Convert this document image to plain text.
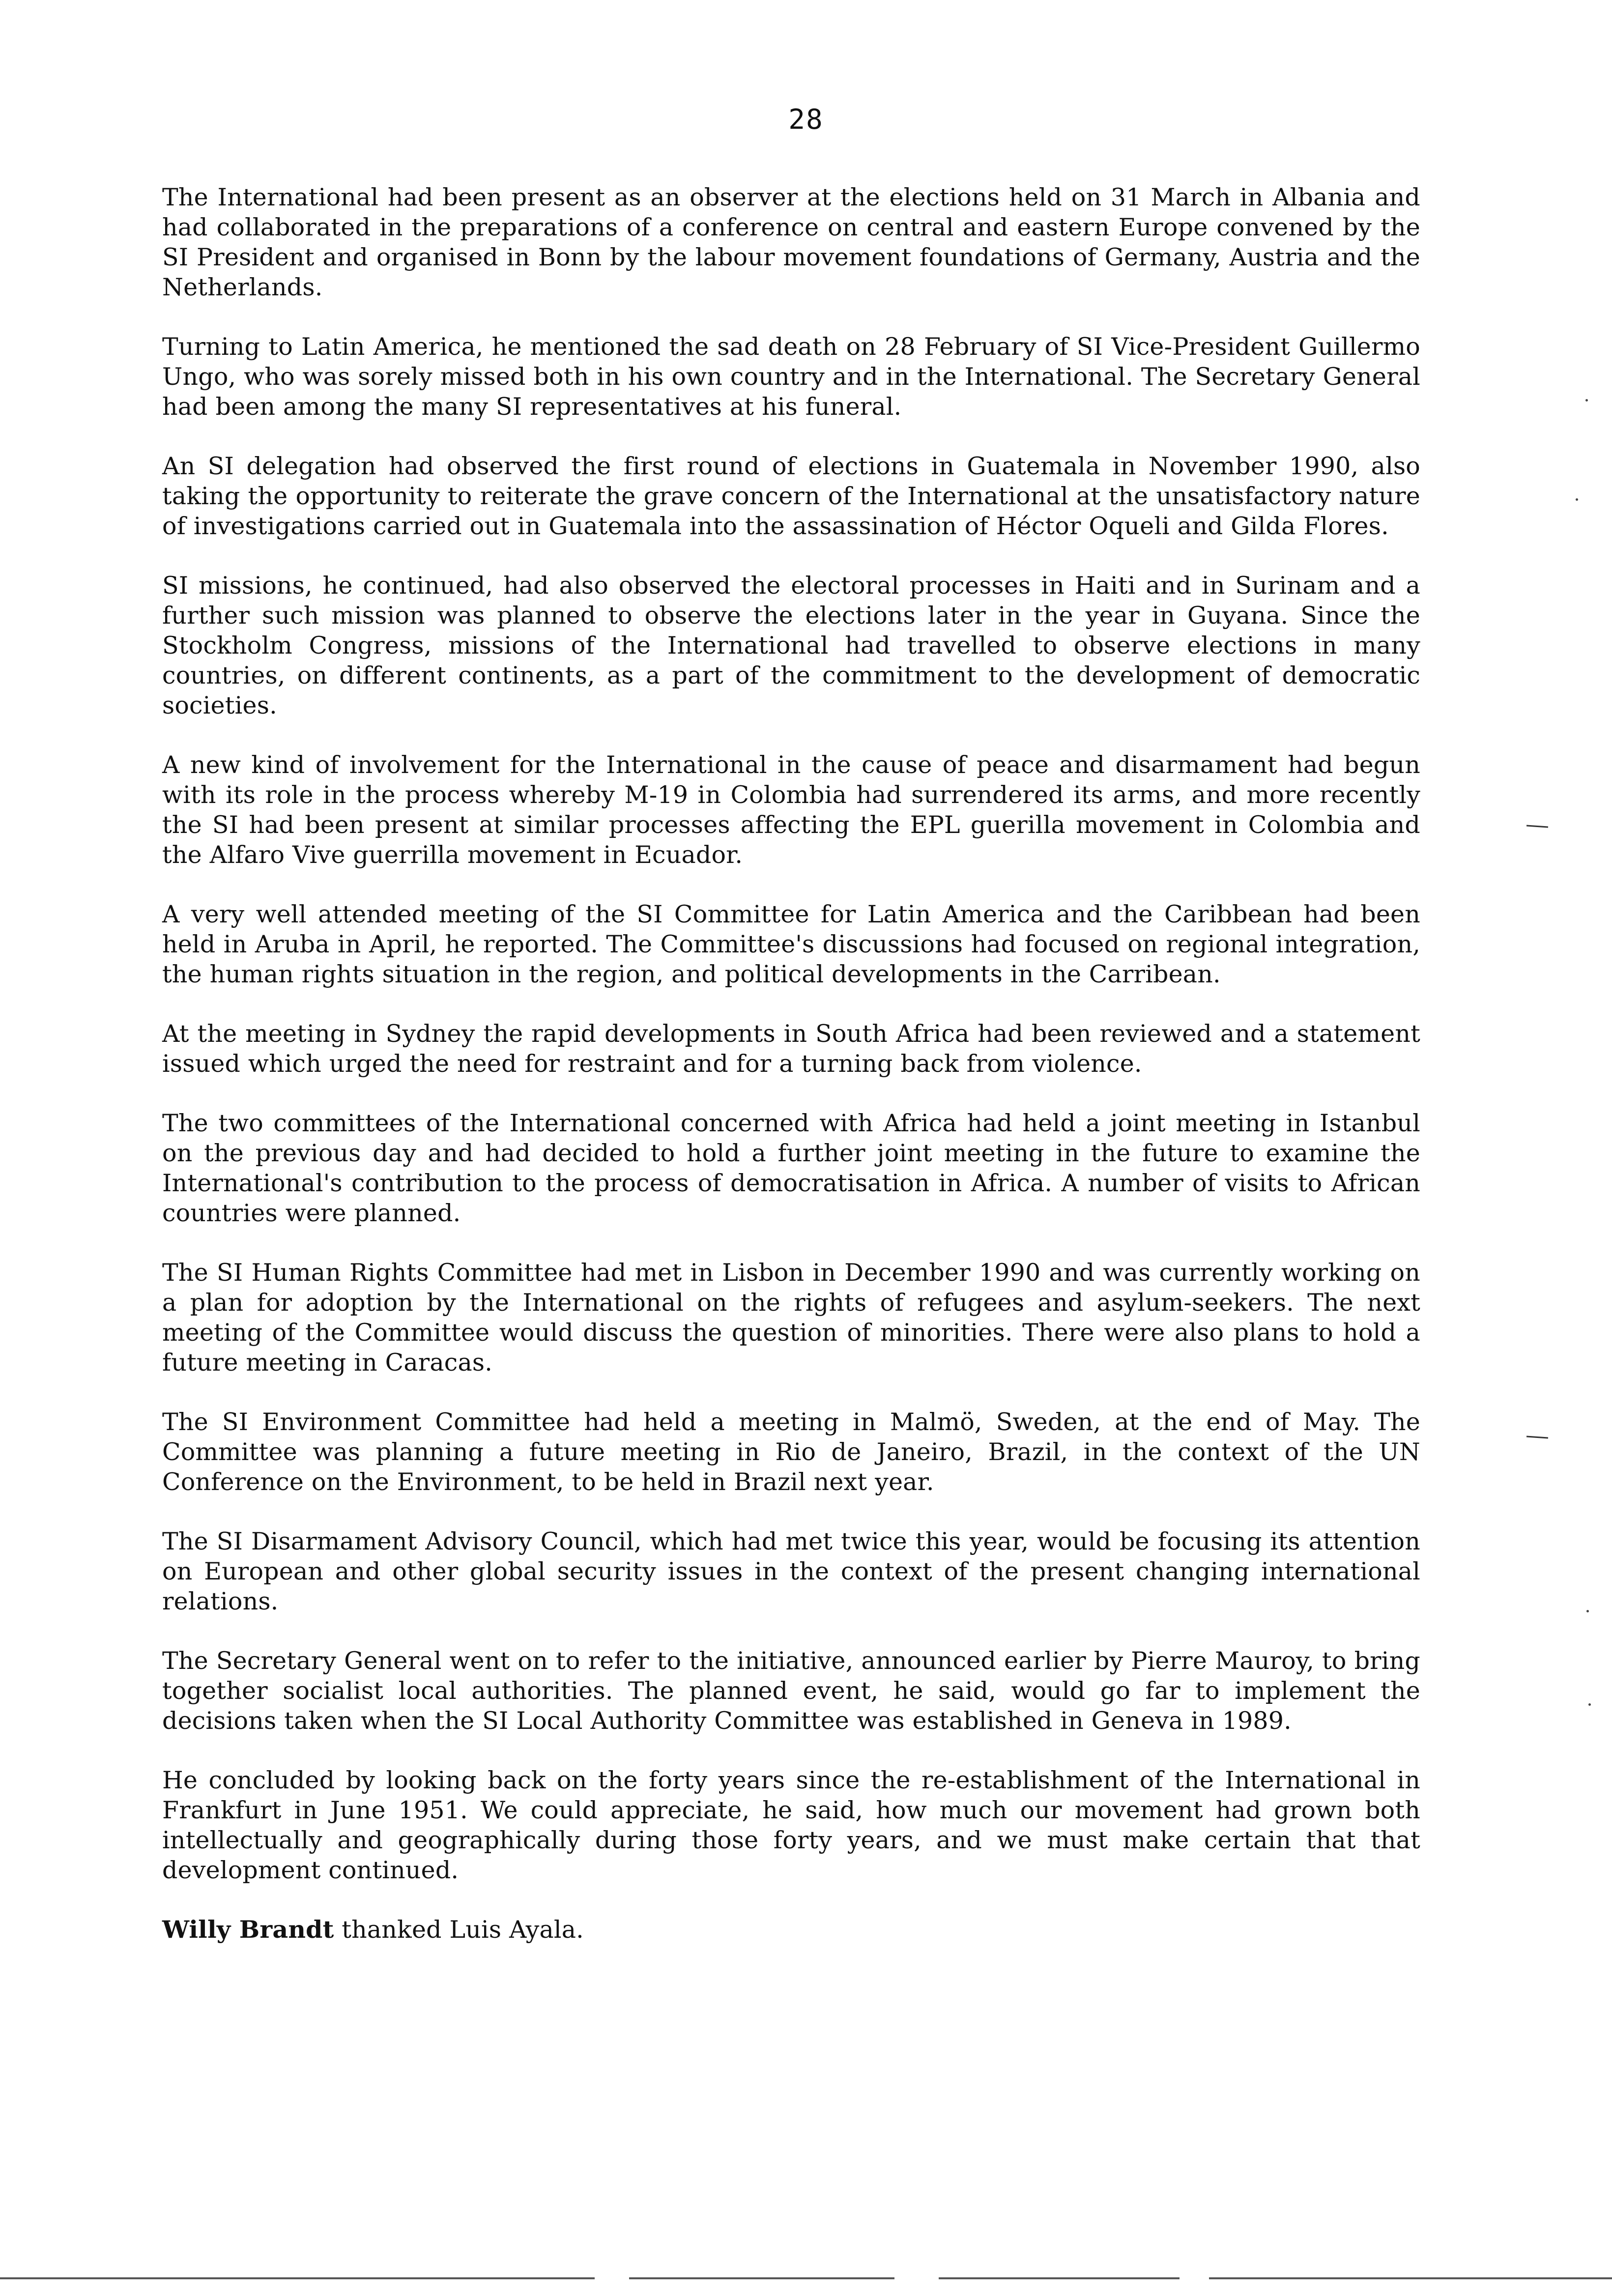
28

The International had been present as an observer at the elections held on 31 March in Albania and had collaborated in the preparations of a conference on central and eastern Europe convened by the SI President and organised in Bonn by the labour movement foundations of Germany, Austria and the Netherlands.

Turning to Latin America, he mentioned the sad death on 28 February of SI Vice-President Guillermo Ungo, who was sorely missed both in his own country and in the International. The Secretary General had been among the many SI representatives at his funeral.

An SI delegation had observed the first round of elections in Guatemala in November 1990, also taking the opportunity to reiterate the grave concern of the International at the unsatisfactory nature of investigations carried out in Guatemala into the assassination of Héctor Oqueli and Gilda Flores.

SI missions, he continued, had also observed the electoral processes in Haiti and in Surinam and a further such mission was planned to observe the elections later in the year in Guyana. Since the Stockholm Congress, missions of the International had travelled to observe elections in many countries, on different continents, as a part of the commitment to the development of democratic societies.

A new kind of involvement for the International in the cause of peace and disarmament had begun with its role in the process whereby M-19 in Colombia had surrendered its arms, and more recently the SI had been present at similar processes affecting the EPL guerilla movement in Colombia and the Alfaro Vive guerrilla movement in Ecuador.

A very well attended meeting of the SI Committee for Latin America and the Caribbean had been held in Aruba in April, he reported. The Committee's discussions had focused on regional integration, the human rights situation in the region, and political developments in the Carribean.

At the meeting in Sydney the rapid developments in South Africa had been reviewed and a statement issued which urged the need for restraint and for a turning back from violence.

The two committees of the International concerned with Africa had held a joint meeting in Istanbul on the previous day and had decided to hold a further joint meeting in the future to examine the International's contribution to the process of democratisation in Africa. A number of visits to African countries were planned.

The SI Human Rights Committee had met in Lisbon in December 1990 and was currently working on a plan for adoption by the International on the rights of refugees and asylum-seekers. The next meeting of the Committee would discuss the question of minorities. There were also plans to hold a future meeting in Caracas.

The SI Environment Committee had held a meeting in Malmö, Sweden, at the end of May. The Committee was planning a future meeting in Rio de Janeiro, Brazil, in the context of the UN Conference on the Environment, to be held in Brazil next year.

The SI Disarmament Advisory Council, which had met twice this year, would be focusing its attention on European and other global security issues in the context of the present changing international relations.

The Secretary General went on to refer to the initiative, announced earlier by Pierre Mauroy, to bring together socialist local authorities. The planned event, he said, would go far to implement the decisions taken when the SI Local Authority Committee was established in Geneva in 1989.

He concluded by looking back on the forty years since the re-establishment of the International in Frankfurt in June 1951. We could appreciate, he said, how much our movement had grown both intellectually and geographically during those forty years, and we must make certain that that development continued.

Willy Brandt thanked Luis Ayala.
